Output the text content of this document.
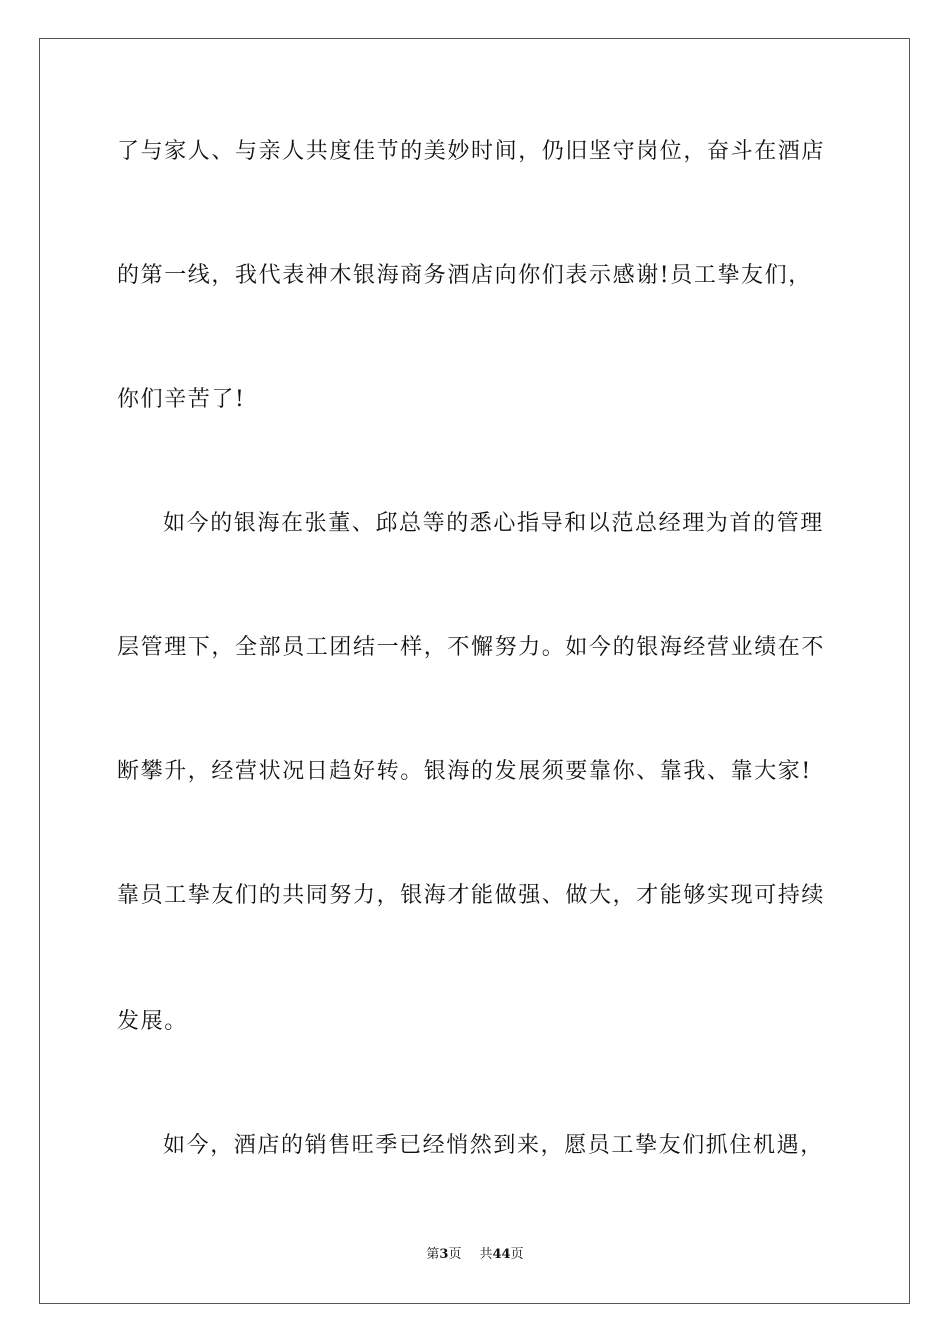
了与家人、与亲人共度佳节的美妙时间，仍旧坚守岗位，奋斗在酒店
的第一线，我代表神木银海商务酒店向你们表示感谢!员工挚友们，
你们辛苦了!
如今的银海在张董、邱总等的悉心指导和以范总经理为首的管理
层管理下，全部员工团结一样，不懈努力。如今的银海经营业绩在不
断攀升，经营状况日趋好转。银海的发展须要靠你、靠我、靠大家!
靠员工挚友们的共同努力，银海才能做强、做大，才能够实现可持续
发展。
如今，酒店的销售旺季已经悄然到来，愿员工挚友们抓住机遇，
第3页 共44页
